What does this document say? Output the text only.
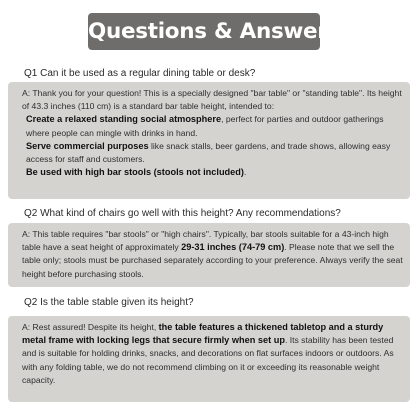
Questions & Answers
Q1 Can it be used as a regular dining table or desk?

A: Thank you for your question! This is a specially designed "bar table" or "standing table". Its height of 43.3 inches (110 cm) is a standard bar table height, intended to:

Create a relaxed standing social atmosphere, perfect for parties and outdoor gatherings where people can mingle with drinks in hand.

Serve commercial purposes like snack stalls, beer gardens, and trade shows, allowing easy access for staff and customers.

Be used with high bar stools (stools not included).

Q2 What kind of chairs go well with this height? Any recommendations?

A: This table requires "bar stools" or "high chairs". Typically, bar stools suitable for a 43-inch high table have a seat height of approximately 29-31 inches (74-79 cm). Please note that we sell the table only; stools must be purchased separately according to your preference. Always verify the seat height before purchasing stools.

Q2 Is the table stable given its height?

A: Rest assured! Despite its height, the table features a thickened tabletop and a sturdy metal frame with locking legs that secure firmly when set up. Its stability has been tested and is suitable for holding drinks, snacks, and decorations on flat surfaces indoors or outdoors. As with any folding table, we do not recommend climbing on it or exceeding its reasonable weight capacity.
